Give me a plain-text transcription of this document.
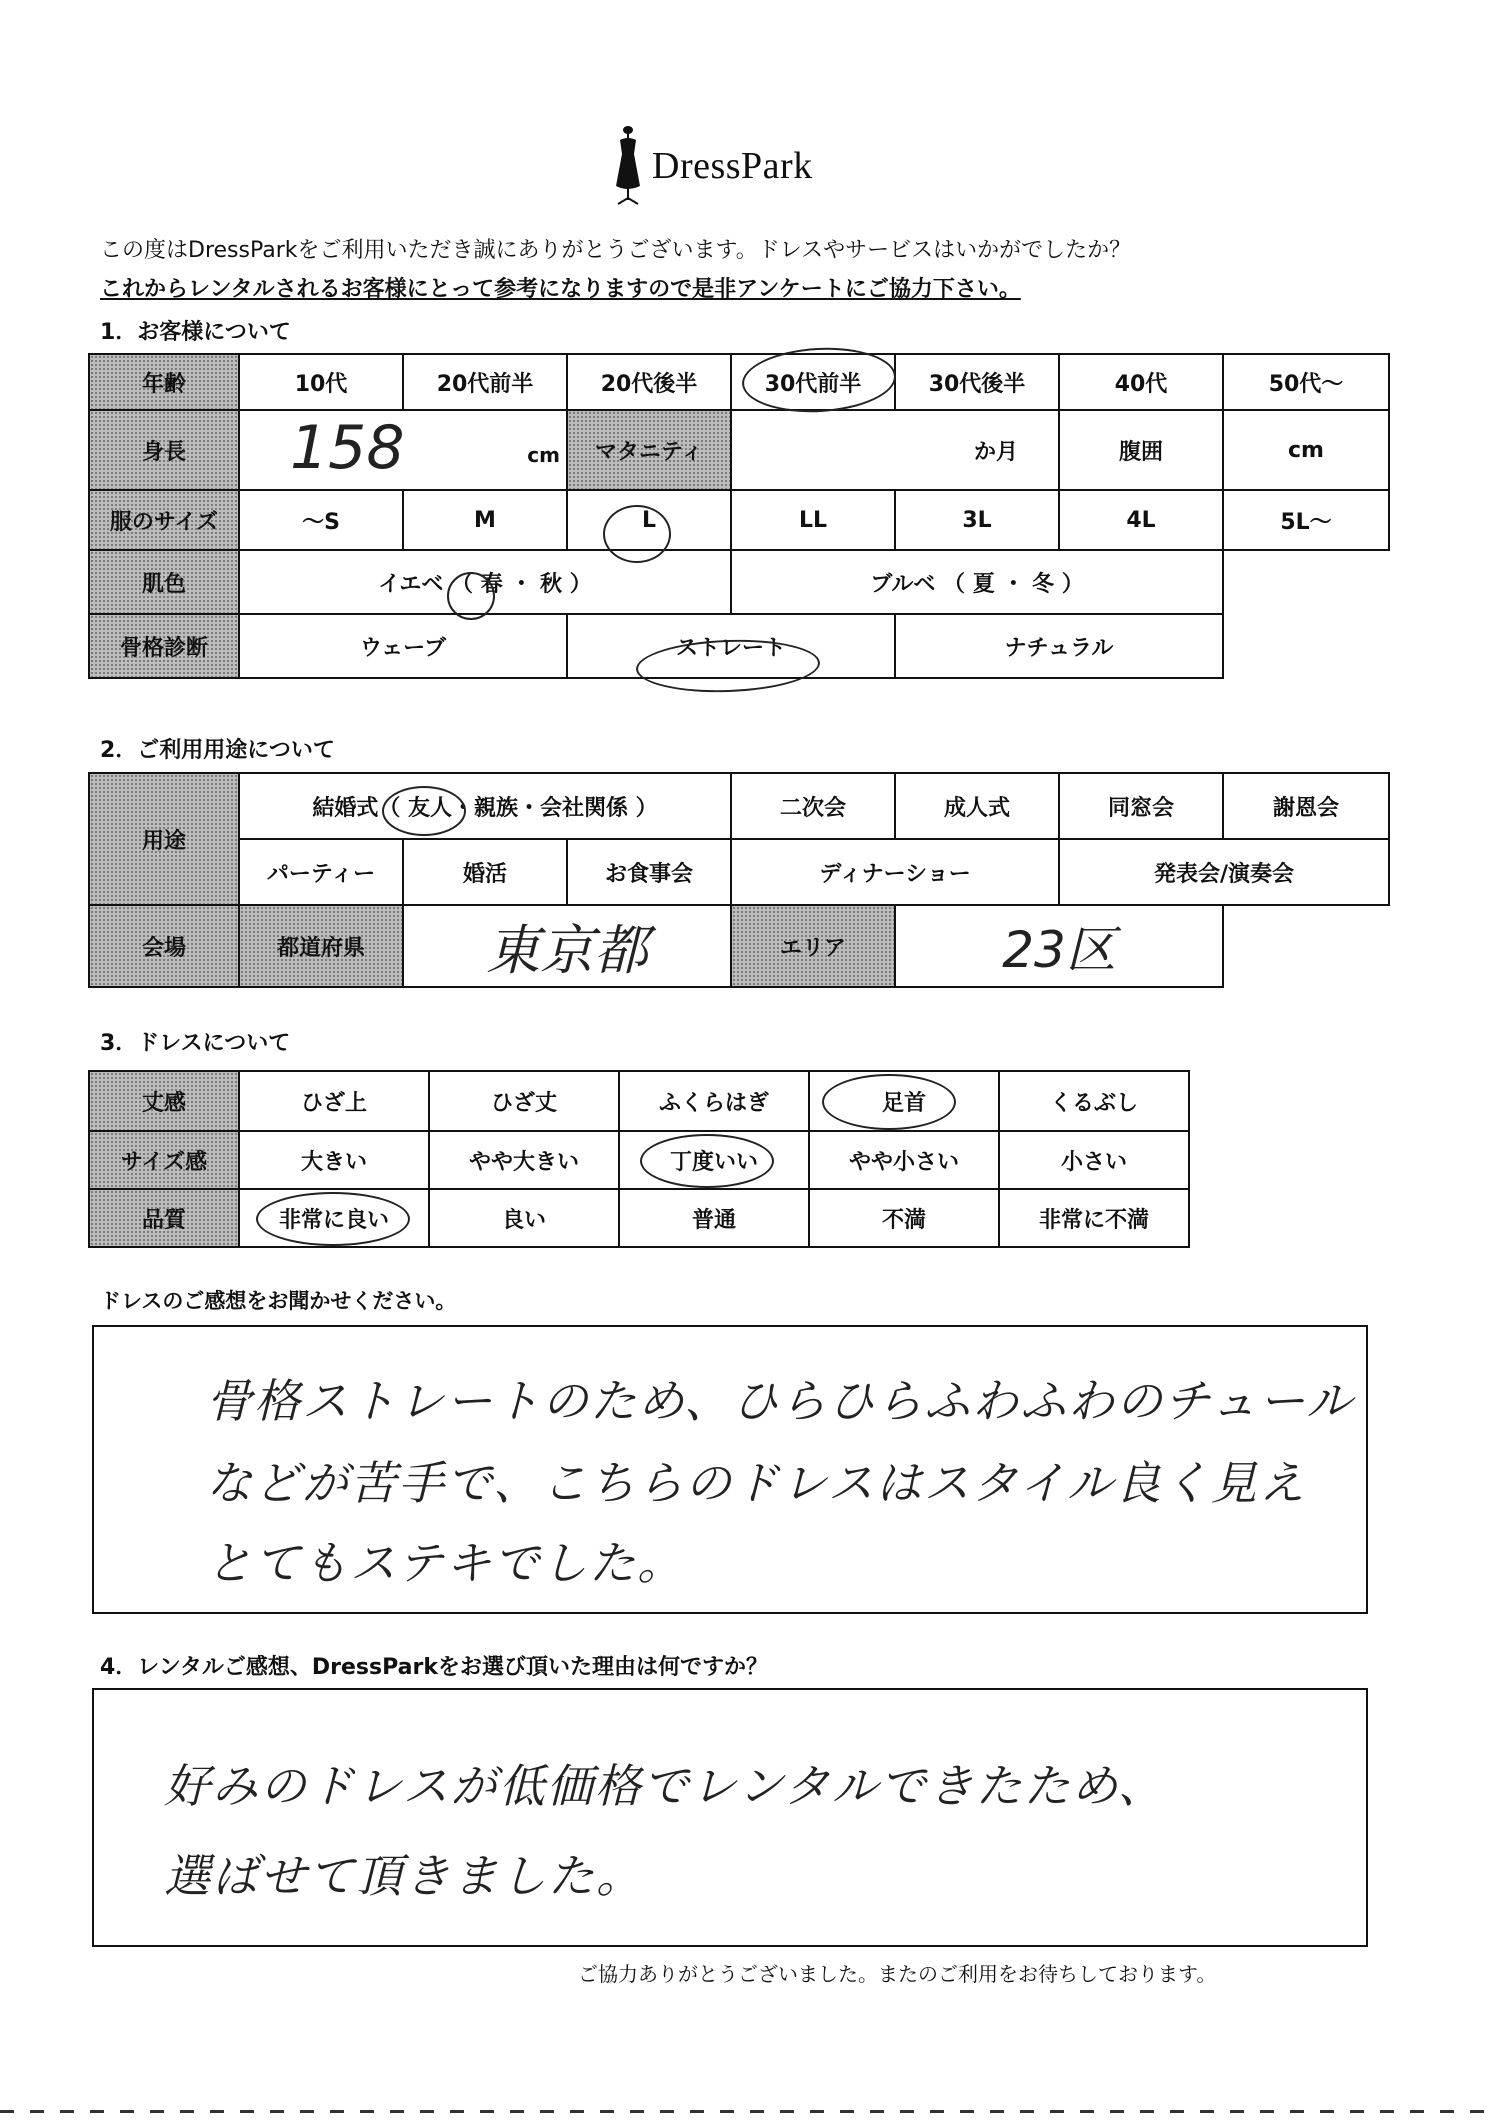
DressPark
この度はDressParkをご利用いただき誠にありがとうございます。ドレスやサービスはいかがでしたか？
これからレンタルされるお客様にとって参考になりますので是非アンケートにご協力下さい。
1．お客様について
年齢	10代	20代前半	20代後半	30代前半	30代後半	40代	50代～
身長	158 cm		マタニティ	か月		腹囲	cm
服のサイズ	～S	M	L	LL	3L	4L	5L～
肌色	イエベ （ 春 ・ 秋 ）			ブルベ （ 夏 ・ 冬 ）			
骨格診断	ウェーブ		ストレート		ナチュラル		
2．ご利用用途について
用途	結婚式（ 友人・親族・会社関係 ）			二次会	成人式	同窓会	謝恩会
	パーティー	婚活	お食事会	ディナーショー		発表会/演奏会	
会場	都道府県	東京都		エリア	23区		
3．ドレスについて
丈感	ひざ上	ひざ丈	ふくらはぎ	足首	くるぶし
サイズ感	大きい	やや大きい	丁度いい	やや小さい	小さい
品質	非常に良い	良い	普通	不満	非常に不満
ドレスのご感想をお聞かせください。
骨格ストレートのため、ひらひらふわふわのチュール
などが苦手で、こちらのドレスはスタイル良く見え
とてもステキでした。
4．レンタルご感想、DressParkをお選び頂いた理由は何ですか？
好みのドレスが低価格でレンタルできたため、
選ばせて頂きました。
ご協力ありがとうございました。またのご利用をお待ちしております。
